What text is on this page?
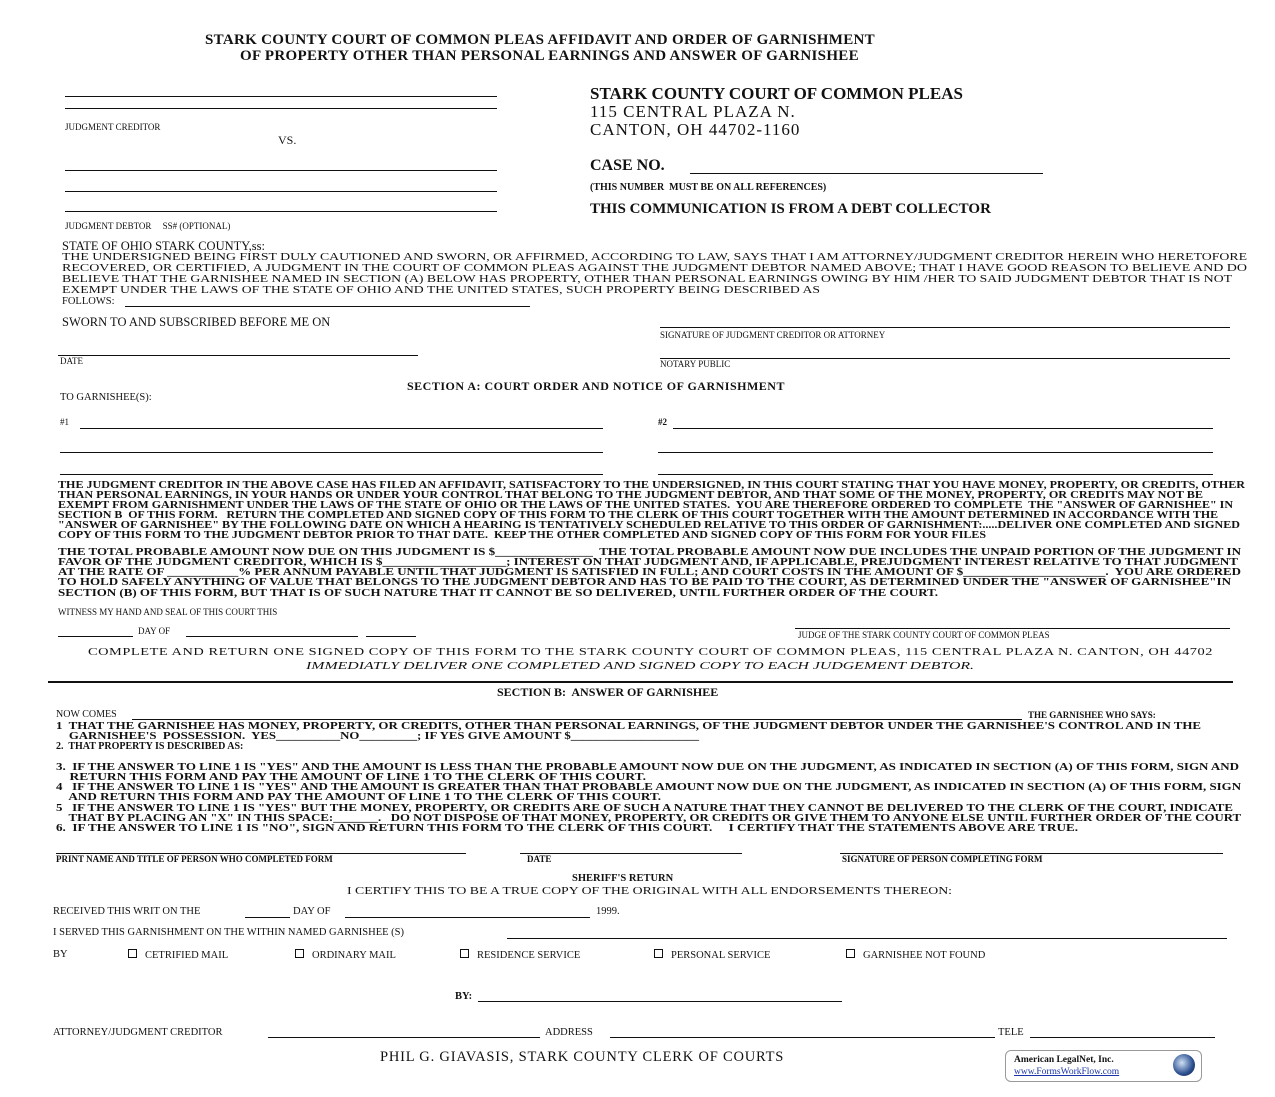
STARK COUNTY COURT OF COMMON PLEAS AFFIDAVIT AND ORDER OF GARNISHMENT
OF PROPERTY OTHER THAN PERSONAL EARNINGS AND ANSWER OF GARNISHEE
JUDGMENT CREDITOR
VS.
JUDGMENT DEBTOR     SS# (OPTIONAL)
STARK COUNTY COURT OF COMMON PLEAS
115 CENTRAL PLAZA N.
CANTON, OH 44702-1160
CASE NO.
(THIS NUMBER  MUST BE ON ALL REFERENCES)
THIS COMMUNICATION IS FROM A DEBT COLLECTOR
STATE OF OHIO STARK COUNTY,ss:
THE UNDERSIGNED BEING FIRST DULY CAUTIONED AND SWORN, OR AFFIRMED, ACCORDING TO LAW, SAYS THAT I AM ATTORNEY/JUDGMENT CREDITOR HEREIN WHO HERETOFORE
RECOVERED, OR CERTIFIED, A JUDGMENT IN THE COURT OF COMMON PLEAS AGAINST THE JUDGMENT DEBTOR NAMED ABOVE; THAT I HAVE GOOD REASON TO BELIEVE AND DO
BELIEVE THAT THE GARNISHEE NAMED IN SECTION (A) BELOW HAS PROPERTY, OTHER THAN PERSONAL EARNINGS OWING BY HIM /HER TO SAID JUDGMENT DEBTOR THAT IS NOT
EXEMPT UNDER THE LAWS OF THE STATE OF OHIO AND THE UNITED STATES, SUCH PROPERTY BEING DESCRIBED AS
FOLLOWS:
SWORN TO AND SUBSCRIBED BEFORE ME ON
SIGNATURE OF JUDGMENT CREDITOR OR ATTORNEY
DATE	NOTARY PUBLIC
SECTION A: COURT ORDER AND NOTICE OF GARNISHMENT
TO GARNISHEE(S):
#1	#2
THE JUDGMENT CREDITOR IN THE ABOVE CASE HAS FILED AN AFFIDAVIT, SATISFACTORY TO THE UNDERSIGNED, IN THIS COURT STATING THAT YOU HAVE MONEY, PROPERTY, OR CREDITS, OTHER
THAN PERSONAL EARNINGS, IN YOUR HANDS OR UNDER YOUR CONTROL THAT BELONG TO THE JUDGMENT DEBTOR, AND THAT SOME OF THE MONEY, PROPERTY, OR CREDITS MAY NOT BE
EXEMPT FROM GARNISHMENT UNDER THE LAWS OF THE STATE OF OHIO OR THE LAWS OF THE UNITED STATES.  YOU ARE THEREFORE ORDERED TO COMPLETE  THE "ANSWER OF GARNISHEE" IN
SECTION B  OF THIS FORM.   RETURN THE COMPLETED AND SIGNED COPY OF THIS FORM TO THE CLERK OF THIS COURT TOGETHER WITH THE AMOUNT DETERMINED IN ACCORDANCE WITH THE
"ANSWER OF GARNISHEE" BY THE FOLLOWING DATE ON WHICH A HEARING IS TENTATIVELY SCHEDULED RELATIVE TO THIS ORDER OF GARNISHMENT:.....DELIVER ONE COMPLETED AND SIGNED
COPY OF THIS FORM TO THE JUDGMENT DEBTOR PRIOR TO THAT DATE.  KEEP THE OTHER COMPLETED AND SIGNED COPY OF THIS FORM FOR YOUR FILES
THE TOTAL PROBABLE AMOUNT NOW DUE ON THIS JUDGMENT IS $_______________  THE TOTAL PROBABLE AMOUNT NOW DUE INCLUDES THE UNPAID PORTION OF THE JUDGMENT IN
FAVOR OF THE JUDGMENT CREDITOR, WHICH IS $___________________; INTEREST ON THAT JUDGMENT AND, IF APPLICABLE, PREJUDGMENT INTEREST RELATIVE TO THAT JUDGMENT
AT THE RATE OF ___________% PER ANNUM PAYABLE UNTIL THAT JUDGMENT IS SATISFIED IN FULL; AND COURT COSTS IN THE AMOUNT OF $______________________.  YOU ARE ORDERED
TO HOLD SAFELY ANYTHING OF VALUE THAT BELONGS TO THE JUDGMENT DEBTOR AND HAS TO BE PAID TO THE COURT, AS DETERMINED UNDER THE "ANSWER OF GARNISHEE"IN
SECTION (B) OF THIS FORM, BUT THAT IS OF SUCH NATURE THAT IT CANNOT BE SO DELIVERED, UNTIL FURTHER ORDER OF THE COURT.
WITNESS MY HAND AND SEAL OF THIS COURT THIS
DAY OF	JUDGE OF THE STARK COUNTY COURT OF COMMON PLEAS
COMPLETE AND RETURN ONE SIGNED COPY OF THIS FORM TO THE STARK COUNTY COURT OF COMMON PLEAS, 115 CENTRAL PLAZA N. CANTON, OH 44702
IMMEDIATLY DELIVER ONE COMPLETED AND SIGNED COPY TO EACH JUDGEMENT DEBTOR.
SECTION B:  ANSWER OF GARNISHEE
NOW COMES	THE GARNISHEE WHO SAYS:
1  THAT THE GARNISHEE HAS MONEY, PROPERTY, OR CREDITS, OTHER THAN PERSONAL EARNINGS, OF THE JUDGMENT DEBTOR UNDER THE GARNISHEE'S CONTROL AND IN THE
GARNISHEE'S  POSSESSION.  YES__________NO_________; IF YES GIVE AMOUNT $____________________
2.  THAT PROPERTY IS DESCRIBED AS:
3.  IF THE ANSWER TO LINE 1 IS "YES" AND THE AMOUNT IS LESS THAN THE PROBABLE AMOUNT NOW DUE ON THE JUDGMENT, AS INDICATED IN SECTION (A) OF THIS FORM, SIGN AND
RETURN THIS FORM AND PAY THE AMOUNT OF LINE 1 TO THE CLERK OF THIS COURT.
4   IF THE ANSWER TO LINE 1 IS "YES" AND THE AMOUNT IS GREATER THAN THAT PROBABLE AMOUNT NOW DUE ON THE JUDGMENT, AS INDICATED IN SECTION (A) OF THIS FORM, SIGN
AND RETURN THIS FORM AND PAY THE AMOUNT OF LINE 1 TO THE CLERK OF THIS COURT.
5   IF THE ANSWER TO LINE 1 IS "YES" BUT THE MONEY, PROPERTY, OR CREDITS ARE OF SUCH A NATURE THAT THEY CANNOT BE DELIVERED TO THE CLERK OF THE COURT, INDICATE
THAT BY PLACING AN "X" IN THIS SPACE:_______.   DO NOT DISPOSE OF THAT MONEY, PROPERTY, OR CREDITS OR GIVE THEM TO ANYONE ELSE UNTIL FURTHER ORDER OF THE COURT
6.  IF THE ANSWER TO LINE 1 IS "NO", SIGN AND RETURN THIS FORM TO THE CLERK OF THIS COURT.     I CERTIFY THAT THE STATEMENTS ABOVE ARE TRUE.
PRINT NAME AND TITLE OF PERSON WHO COMPLETED FORM	DATE	SIGNATURE OF PERSON COMPLETING FORM
SHERIFF'S RETURN
I CERTIFY THIS TO BE A TRUE COPY OF THE ORIGINAL WITH ALL ENDORSEMENTS THEREON:
RECEIVED THIS WRIT ON THE	DAY OF	1999.
I SERVED THIS GARNISHMENT ON THE WITHIN NAMED GARNISHEE (S)
BY	CETRIFIED MAIL	ORDINARY MAIL	RESIDENCE SERVICE	PERSONAL SERVICE	GARNISHEE NOT FOUND
BY:
ATTORNEY/JUDGMENT CREDITOR	ADDRESS	TELE
PHIL G. GIAVASIS, STARK COUNTY CLERK OF COURTS	American LegalNet, Inc.
www.FormsWorkFlow.com
